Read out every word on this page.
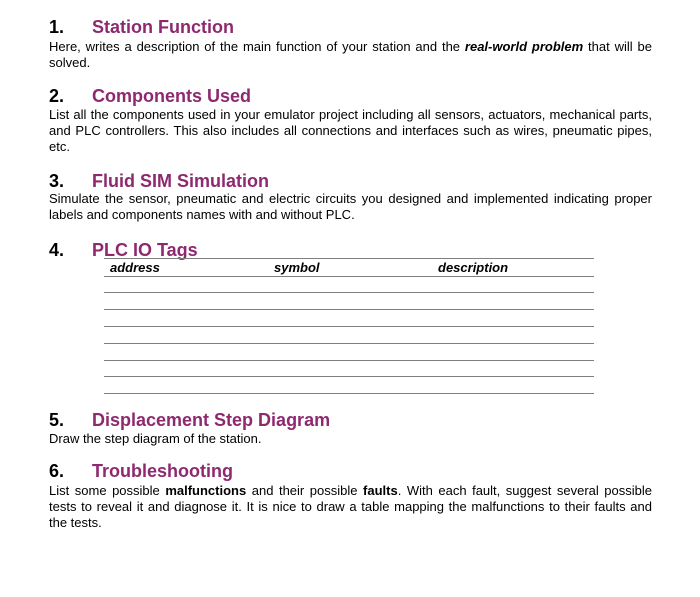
1. Station Function
Here, writes a description of the main function of your station and the real-world problem that will be solved.
2. Components Used
List all the components used in your emulator project including all sensors, actuators, mechanical parts, and PLC controllers. This also includes all connections and interfaces such as wires, pneumatic pipes, etc.
3. Fluid SIM Simulation
Simulate the sensor, pneumatic and electric circuits you designed and implemented indicating proper labels and components names with and without PLC.
4. PLC IO Tags
address	symbol	description
5. Displacement Step Diagram
Draw the step diagram of the station.
6. Troubleshooting
List some possible malfunctions and their possible faults. With each fault, suggest several possible tests to reveal it and diagnose it. It is nice to draw a table mapping the malfunctions to their faults and the tests.
